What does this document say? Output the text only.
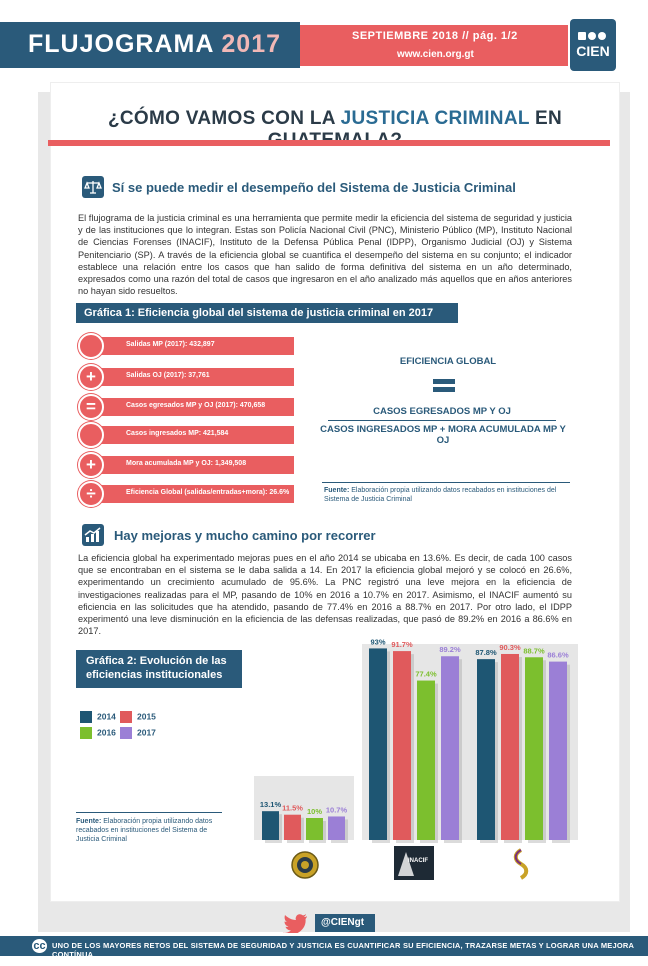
FLUJOGRAMA 2017	SEPTIEMBRE 2018 // pág. 1/2
www.cien.org.gt	CIEN
¿CÓMO VAMOS CON LA JUSTICIA CRIMINAL EN
Sí se puede medir el desempeño del Sistema de Justicia Criminal
El flujograma de la justicia criminal es una herramienta que permite medir la eficiencia del sistema de seguridad y justicia y de las instituciones que lo integran. Estas son Policía Nacional Civil (PNC), Ministerio Público (MP), Instituto Nacional de Ciencias Forenses (INACIF), Instituto de la Defensa Pública Penal (IDPP), Organismo Judicial (OJ) y Sistema Penitenciario (SP). A través de la eficiencia global se cuantifica el desempeño del sistema en su conjunto; el indicador establece una relación entre los casos que han salido de forma definitiva del sistema en un año determinado, expresados como una razón del total de casos que ingresaron en el año analizado más aquellos que en años anteriores no hayan sido resueltos.
Gráfica 1: Eficiencia global del sistema de justicia criminal en 2017
Salidas MP (2017): 432,897
+	Salidas OJ (2017): 37,761
=	Casos egresados MP y OJ (2017): 470,658
Casos ingresados MP: 421,584
+	Mora acumulada MP y OJ: 1,349,508
÷	Eficiencia Global (salidas/entradas+mora): 26.6%
EFICIENCIA GLOBAL
CASOS EGRESADOS MP Y OJ
CASOS INGRESADOS MP + MORA ACUMULADA MP Y OJ
Fuente: Elaboración propia utilizando datos recabados en instituciones del Sistema de Justicia Criminal
Hay mejoras y mucho camino por recorrer
La eficiencia global ha experimentado mejoras pues en el año 2014 se ubicaba en 13.6%. Es decir, de cada 100 casos que se encontraban en el sistema se le daba salida a 14. En 2017 la eficiencia global mejoró y se colocó en 26.6%, experimentando un crecimiento acumulado de 95.6%. La PNC registró una leve mejora en la eficiencia de investigaciones realizadas para el MP, pasando de 10% en 2016 a 10.7% en 2017. Asimismo, el INACIF aumentó su eficiencia en las solicitudes que ha atendido, pasando de 77.4% en 2016 a 88.7% en 2017. Por otro lado, el IDPP experimentó una leve disminución en la eficiencia de las defensas realizadas, que pasó de 89.2% en 2016 a 86.6% en 2017.
Gráfica 2: Evolución de las
eficiencias institucionales
2014	2015
2016	2017
Fuente: Elaboración propia utilizando datos recabados en instituciones del Sistema de Justicia Criminal
13.1% 11.5% 10% 10.7%
93% 91.7%
77.4%
89.2% 87.8%
90.3% 88.7% 86.6%
INACIF
@CIENgt
cc UNO DE LOS MAYORES RETOS DEL SISTEMA DE SEGURIDAD Y JUSTICIA ES CUANTIFICAR SU EFICIENCIA, TRAZARSE METAS Y LOGRAR UNA MEJORA CONTÍNUA
